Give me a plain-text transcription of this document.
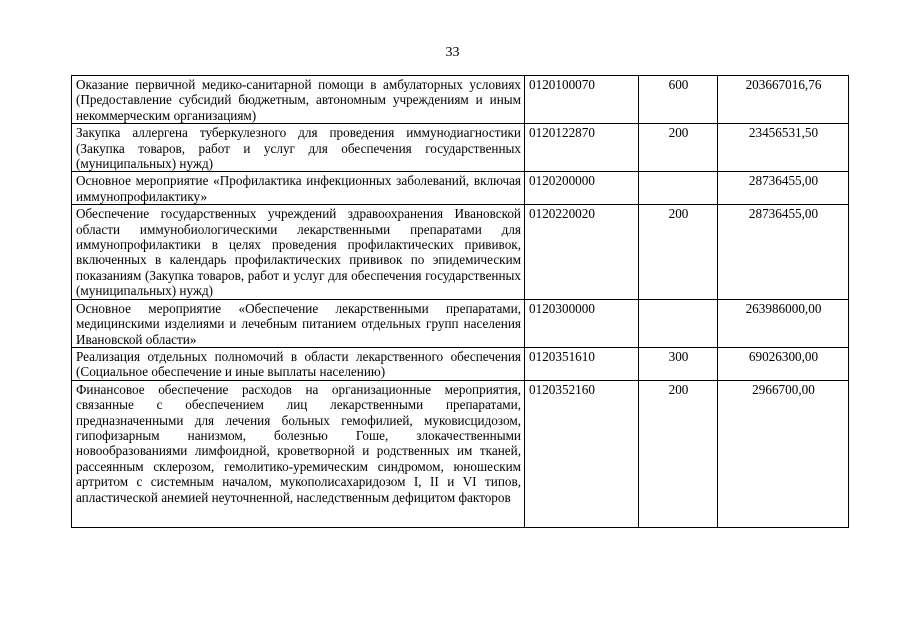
33
Оказание первичной медико-санитарной помощи в амбулаторных условиях (Предоставление субсидий бюджетным, автономным учреждениям и иным некоммерческим организациям)	0120100070	600	203667016,76
Закупка аллергена туберкулезного для проведения иммунодиагностики (Закупка товаров, работ и услуг для обеспечения государственных (муниципальных) нужд)	0120122870	200	23456531,50
Основное мероприятие «Профилактика инфекционных заболеваний, включая иммунопрофилактику»	0120200000		28736455,00
Обеспечение государственных учреждений здравоохранения Ивановской области иммунобиологическими лекарственными препаратами для иммунопрофилактики в целях проведения профилактических прививок, включенных в календарь профилактических прививок по эпидемическим показаниям (Закупка товаров, работ и услуг для обеспечения государственных (муниципальных) нужд)	0120220020	200	28736455,00
Основное мероприятие «Обеспечение лекарственными препаратами, медицинскими изделиями и лечебным питанием отдельных групп населения Ивановской области»	0120300000		263986000,00
Реализация отдельных полномочий в области лекарственного обеспечения (Социальное обеспечение и иные выплаты населению)	0120351610	300	69026300,00
Финансовое обеспечение расходов на организационные мероприятия, связанные с обеспечением лиц лекарственными препаратами, предназначенными для лечения больных гемофилией, муковисцидозом, гипофизарным нанизмом, болезнью Гоше, злокачественными новообразованиями лимфоидной, кроветворной и родственных им тканей, рассеянным склерозом, гемолитико-уремическим синдромом, юношеским артритом с системным началом, мукополисахаридозом I, II и VI типов, апластической анемией неуточненной, наследственным дефицитом факторов	0120352160	200	2966700,00
